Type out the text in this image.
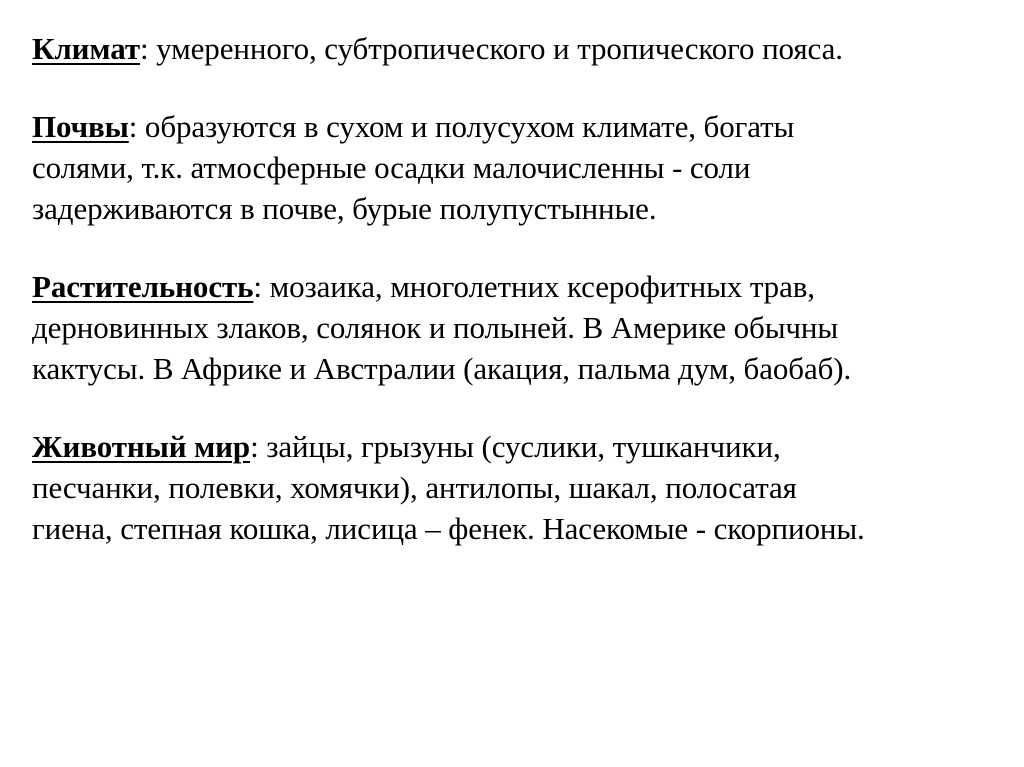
Климат: умеренного, субтропического и тропического пояса.

Почвы: образуются в сухом и полусухом климате, богаты
солями, т.к. атмосферные осадки малочисленны - соли
задерживаются в почве, бурые полупустынные.

Растительность: мозаика, многолетних ксерофитных трав,
дерновинных злаков, солянок и полыней. В Америке обычны
кактусы. В Африке и Австралии (акация, пальма дум, баобаб).

Животный мир: зайцы, грызуны (суслики, тушканчики,
песчанки, полевки, хомячки), антилопы, шакал, полосатая
гиена, степная кошка, лисица – фенек. Насекомые - скорпионы.
